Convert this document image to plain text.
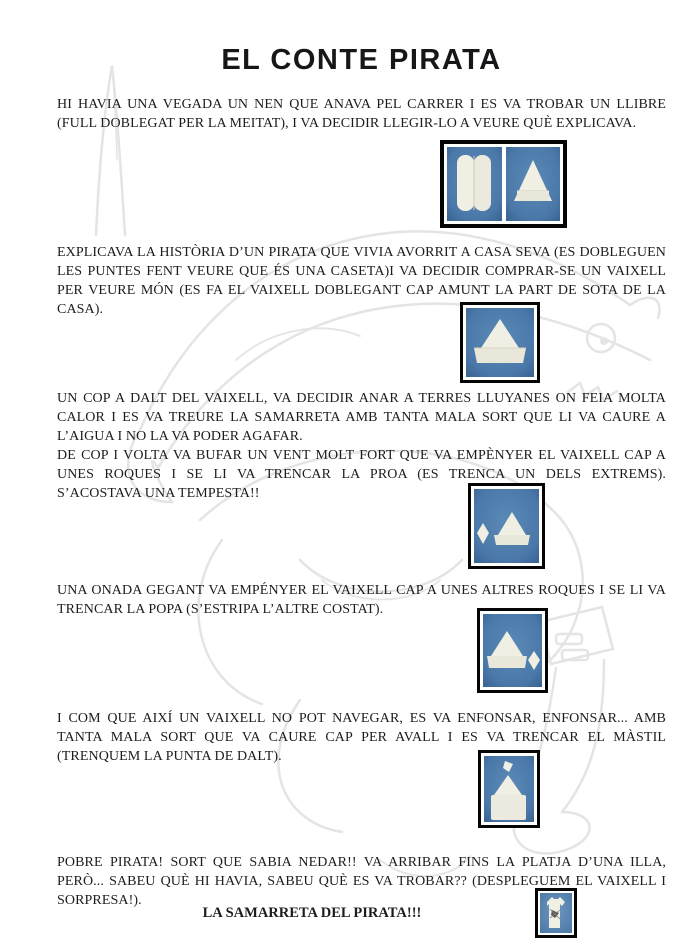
EL CONTE PIRATA

HI HAVIA UNA VEGADA UN NEN QUE ANAVA PEL CARRER I ES VA TROBAR UN LLIBRE (FULL DOBLEGAT PER LA MEITAT), I VA DECIDIR LLEGIR-LO A VEURE QUÈ EXPLICAVA.

EXPLICAVA LA HISTÒRIA D’UN PIRATA QUE VIVIA AVORRIT A CASA SEVA (ES DOBLEGUEN LES PUNTES FENT VEURE QUE ÉS UNA CASETA)I VA DECIDIR COMPRAR-SE UN VAIXELL PER VEURE MÓN (ES FA EL VAIXELL DOBLEGANT CAP AMUNT LA PART DE SOTA DE LA CASA).

UN COP A DALT DEL VAIXELL, VA DECIDIR ANAR A TERRES LLUYANES ON FEIA MOLTA CALOR I ES VA TREURE LA SAMARRETA AMB TANTA MALA SORT QUE LI VA CAURE A L’AIGUA I NO LA VA PODER AGAFAR.

DE COP I VOLTA VA BUFAR UN VENT MOLT FORT QUE VA EMPÈNYER EL VAIXELL CAP A UNES ROQUES I SE LI VA TRENCAR LA PROA (ES TRENCA UN DELS EXTREMS). S’ACOSTAVA UNA TEMPESTA!!

UNA ONADA GEGANT VA EMPÉNYER EL VAIXELL CAP A UNES ALTRES ROQUES I SE LI VA TRENCAR LA POPA (S’ESTRIPA L’ALTRE COSTAT).

I COM QUE AIXÍ UN VAIXELL NO POT NAVEGAR, ES VA ENFONSAR, ENFONSAR... AMB TANTA MALA SORT QUE VA CAURE CAP PER AVALL I ES VA TRENCAR EL MÀSTIL (TRENQUEM LA PUNTA DE DALT).

POBRE PIRATA! SORT QUE SABIA NEDAR!! VA ARRIBAR FINS LA PLATJA D’UNA ILLA, PERÒ... SABEU QUÈ HI HAVIA, SABEU QUÈ ES VA TROBAR?? (DESPLEGUEM EL VAIXELL I SORPRESA!).

LA SAMARRETA DEL PIRATA!!!
